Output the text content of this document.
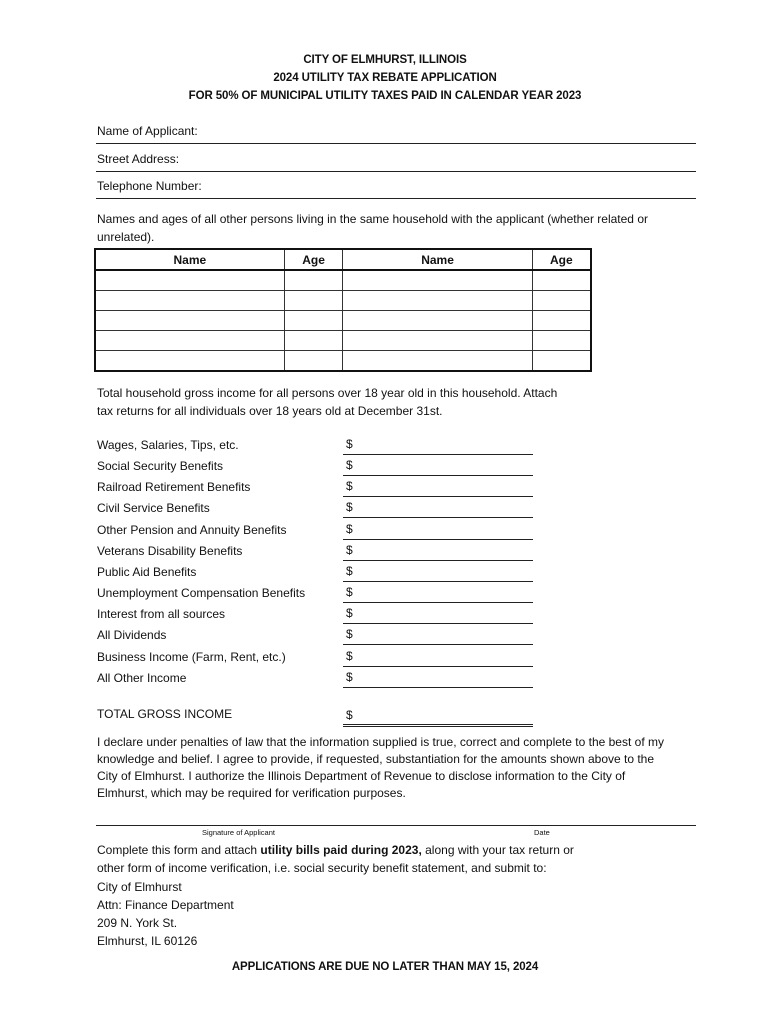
CITY OF ELMHURST, ILLINOIS
2024 UTILITY TAX REBATE APPLICATION
FOR 50% OF MUNICIPAL UTILITY TAXES PAID IN CALENDAR YEAR 2023
Name of Applicant:
Street Address:
Telephone Number:
Names and ages of all other persons living in the same household with the applicant (whether related or
unrelated).
Name	Age	Name	Age

Total household gross income for all persons over 18 year old in this household. Attach
tax returns for all individuals over 18 years old at December 31st.
Wages, Salaries, Tips, etc.	$
Social Security Benefits	$
Railroad Retirement Benefits	$
Civil Service Benefits	$
Other Pension and Annuity Benefits	$
Veterans Disability Benefits	$
Public Aid Benefits	$
Unemployment Compensation Benefits	$
Interest from all sources	$
All Dividends	$
Business Income (Farm, Rent, etc.)	$
All Other Income	$
TOTAL GROSS INCOME	$
I declare under penalties of law that the information supplied is true, correct and complete to the best of my
knowledge and belief. I agree to provide, if requested, substantiation for the amounts shown above to the
City of Elmhurst. I authorize the Illinois Department of Revenue to disclose information to the City of
Elmhurst, which may be required for verification purposes.
Signature of Applicant	Date
Complete this form and attach utility bills paid during 2023, along with your tax return or
other form of income verification, i.e. social security benefit statement, and submit to:
City of Elmhurst
Attn: Finance Department
209 N. York St.
Elmhurst, IL 60126
APPLICATIONS ARE DUE NO LATER THAN MAY 15, 2024
